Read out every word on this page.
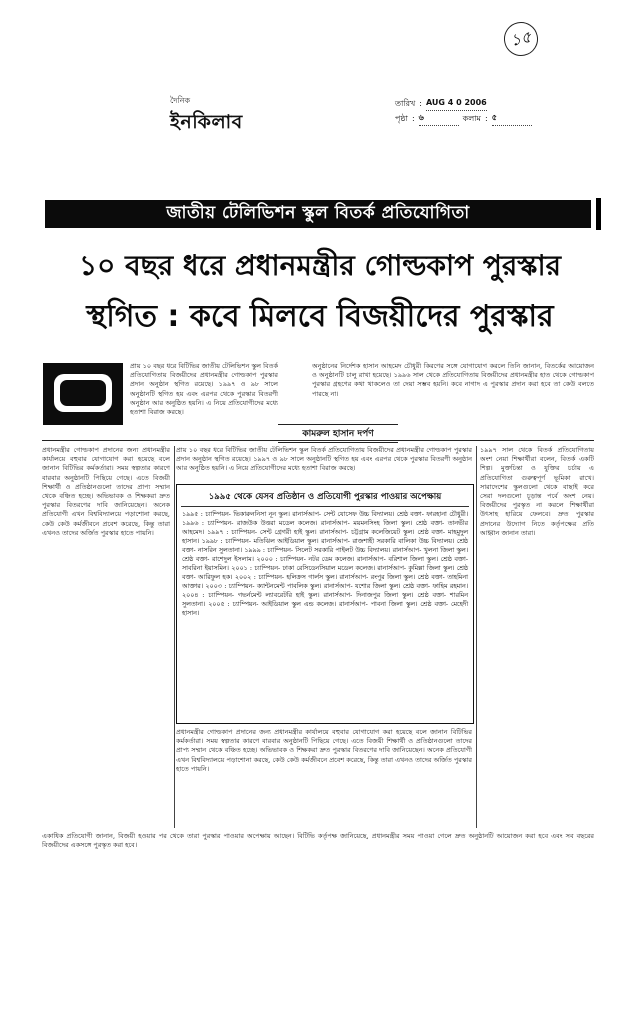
১৫
দৈনিক
ইনকিলাব
তারিখ : AUG 4 0 2006
পৃষ্ঠা : ৬	কলাম : ৫
জাতীয় টেলিভিশন স্কুল বিতর্ক প্রতিযোগিতা
১০ বছর ধরে প্রধানমন্ত্রীর গোল্ডকাপ পুরস্কার
স্থগিত : কবে মিলবে বিজয়ীদের পুরস্কার
প্রায় ১০ বছর ধরে বিটিভির জাতীয় টেলিভিশন স্কুল বিতর্ক প্রতিযোগিতায় বিজয়ীদের প্রধানমন্ত্রীর গোল্ডকাপ পুরস্কার প্রদান অনুষ্ঠান স্থগিত রয়েছে। ১৯৯৭ ও ৯৮ সালে অনুষ্ঠানটি স্থগিত হয় এবং এরপর থেকে পুরস্কার বিতরণী অনুষ্ঠান আর অনুষ্ঠিত হয়নি। এ নিয়ে প্রতিযোগীদের মধ্যে হতাশা বিরাজ করছে।
অনুষ্ঠানের নির্দেশক হাসান আহমেদ চৌধুরী কিরণের সঙ্গে যোগাযোগ করলে তিনি জানান, বিতর্কের আয়োজন ও অনুষ্ঠানটি চালু রাখা হয়েছে। ১৯৯৬ সাল থেকে প্রতিযোগিতায় বিজয়ীদের প্রধানমন্ত্রীর হাত থেকে গোল্ডকাপ পুরস্কার গ্রহণের কথা থাকলেও তা দেয়া সম্ভব হয়নি। কবে নাগাদ এ পুরস্কার প্রদান করা হবে তা কেউ বলতে পারছে না।
কামরুল হাসান দর্পণ
প্রধানমন্ত্রীর গোল্ডকাপ প্রদানের জন্য প্রধানমন্ত্রীর কার্যালয়ে বহুবার যোগাযোগ করা হয়েছে বলে জানান বিটিভির কর্মকর্তারা। সময় স্বল্পতার কারণে বারবার অনুষ্ঠানটি পিছিয়ে গেছে। এতে বিজয়ী শিক্ষার্থী ও প্রতিষ্ঠানগুলো তাদের প্রাপ্য সম্মান থেকে বঞ্চিত হচ্ছে। অভিভাবক ও শিক্ষকরা দ্রুত পুরস্কার বিতরণের দাবি জানিয়েছেন। অনেক প্রতিযোগী এখন বিশ্ববিদ্যালয়ে পড়াশোনা করছে, কেউ কেউ কর্মজীবনে প্রবেশ করেছে, কিন্তু তারা এখনও তাদের অর্জিত পুরস্কার হাতে পায়নি।
১৯৯৭ সাল থেকে বিতর্ক প্রতিযোগিতায় অংশ নেয়া শিক্ষার্থীরা বলেন, বিতর্ক একটি শিল্প। মুক্তচিন্তা ও যুক্তির চর্চায় এ প্রতিযোগিতা গুরুত্বপূর্ণ ভূমিকা রাখে। সারাদেশের স্কুলগুলো থেকে বাছাই করে সেরা দলগুলো চূড়ান্ত পর্বে অংশ নেয়। বিজয়ীদের পুরস্কৃত না করলে শিক্ষার্থীরা উৎসাহ হারিয়ে ফেলবে। দ্রুত পুরস্কার প্রদানের উদ্যোগ নিতে কর্তৃপক্ষের প্রতি আহ্বান জানান তারা।
প্রায় ১০ বছর ধরে বিটিভির জাতীয় টেলিভিশন স্কুল বিতর্ক প্রতিযোগিতায় বিজয়ীদের প্রধানমন্ত্রীর গোল্ডকাপ পুরস্কার প্রদান অনুষ্ঠান স্থগিত রয়েছে। ১৯৯৭ ও ৯৮ সালে অনুষ্ঠানটি স্থগিত হয় এবং এরপর থেকে পুরস্কার বিতরণী অনুষ্ঠান আর অনুষ্ঠিত হয়নি। এ নিয়ে প্রতিযোগীদের মধ্যে হতাশা বিরাজ করছে।
১৯৯৫ থেকে যেসব প্রতিষ্ঠান ও প্রতিযোগী পুরস্কার পাওয়ার অপেক্ষায়
১৯৯৫ : চ্যাম্পিয়ন- ভিকারুননিসা নূন স্কুল। রানার্সআপ- সেন্ট যোসেফ উচ্চ বিদ্যালয়। শ্রেষ্ঠ বক্তা- ফারহানা চৌধুরী। ১৯৯৬ : চ্যাম্পিয়ন- রাজউক উত্তরা মডেল কলেজ। রানার্সআপ- ময়মনসিংহ জিলা স্কুল। শ্রেষ্ঠ বক্তা- তানভীর আহমেদ। ১৯৯৭ : চ্যাম্পিয়ন- সেন্ট গ্রেগরী হাই স্কুল। রানার্সআপ- চট্টগ্রাম কলেজিয়েট স্কুল। শ্রেষ্ঠ বক্তা- মাহমুদুল হাসান। ১৯৯৮ : চ্যাম্পিয়ন- মতিঝিল আইডিয়াল স্কুল। রানার্সআপ- রাজশাহী সরকারি বালিকা উচ্চ বিদ্যালয়। শ্রেষ্ঠ বক্তা- নাসরিন সুলতানা। ১৯৯৯ : চ্যাম্পিয়ন- সিলেট সরকারি পাইলট উচ্চ বিদ্যালয়। রানার্সআপ- খুলনা জিলা স্কুল। শ্রেষ্ঠ বক্তা- রাশেদুল ইসলাম। ২০০০ : চ্যাম্পিয়ন- নটর ডেম কলেজ। রানার্সআপ- বরিশাল জিলা স্কুল। শ্রেষ্ঠ বক্তা- সাবরিনা ইয়াসমিন। ২০০১ : চ্যাম্পিয়ন- ঢাকা রেসিডেনসিয়াল মডেল কলেজ। রানার্সআপ- কুমিল্লা জিলা স্কুল। শ্রেষ্ঠ বক্তা- আরিফুল হক। ২০০২ : চ্যাম্পিয়ন- হলিক্রস গার্লস স্কুল। রানার্সআপ- রংপুর জিলা স্কুল। শ্রেষ্ঠ বক্তা- তাহমিনা আক্তার। ২০০৩ : চ্যাম্পিয়ন- ক্যান্টনমেন্ট পাবলিক স্কুল। রানার্সআপ- যশোর জিলা স্কুল। শ্রেষ্ঠ বক্তা- ফাহিম রহমান। ২০০৪ : চ্যাম্পিয়ন- গভর্নমেন্ট ল্যাবরেটরি হাই স্কুল। রানার্সআপ- দিনাজপুর জিলা স্কুল। শ্রেষ্ঠ বক্তা- শারমিন সুলতানা। ২০০৫ : চ্যাম্পিয়ন- আইডিয়াল স্কুল এন্ড কলেজ। রানার্সআপ- পাবনা জিলা স্কুল। শ্রেষ্ঠ বক্তা- মেহেদী হাসান।
প্রধানমন্ত্রীর গোল্ডকাপ প্রদানের জন্য প্রধানমন্ত্রীর কার্যালয়ে বহুবার যোগাযোগ করা হয়েছে বলে জানান বিটিভির কর্মকর্তারা। সময় স্বল্পতার কারণে বারবার অনুষ্ঠানটি পিছিয়ে গেছে। এতে বিজয়ী শিক্ষার্থী ও প্রতিষ্ঠানগুলো তাদের প্রাপ্য সম্মান থেকে বঞ্চিত হচ্ছে। অভিভাবক ও শিক্ষকরা দ্রুত পুরস্কার বিতরণের দাবি জানিয়েছেন। অনেক প্রতিযোগী এখন বিশ্ববিদ্যালয়ে পড়াশোনা করছে, কেউ কেউ কর্মজীবনে প্রবেশ করেছে, কিন্তু তারা এখনও তাদের অর্জিত পুরস্কার হাতে পায়নি।
একাধিক প্রতিযোগী জানান, বিজয়ী হওয়ার পর থেকে তারা পুরস্কার পাওয়ার অপেক্ষায় আছেন। বিটিভি কর্তৃপক্ষ জানিয়েছে, প্রধানমন্ত্রীর সময় পাওয়া গেলে দ্রুত অনুষ্ঠানটি আয়োজন করা হবে এবং সব বছরের বিজয়ীদের একসঙ্গে পুরস্কৃত করা হবে।
